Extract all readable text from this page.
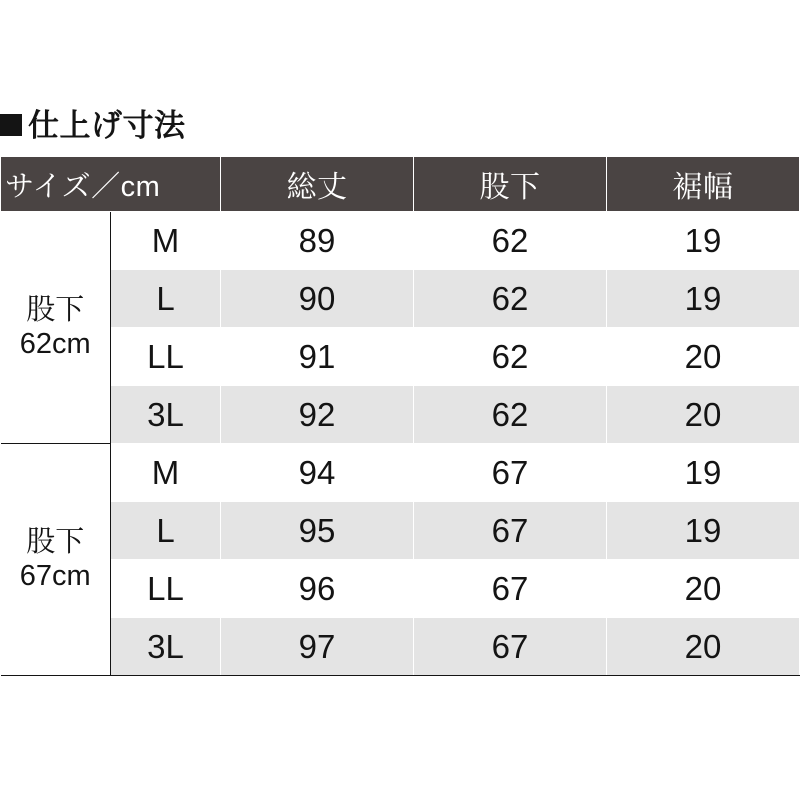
仕上げ寸法
サイズ／cm		総丈	股下	裾幅

股下
62cm	M	89	62	19
	L	90	62	19
	LL	91	62	20
	3L	92	62	20

股下
67cm	M	94	67	19
	L	95	67	19
	LL	96	67	20
	3L	97	67	20
